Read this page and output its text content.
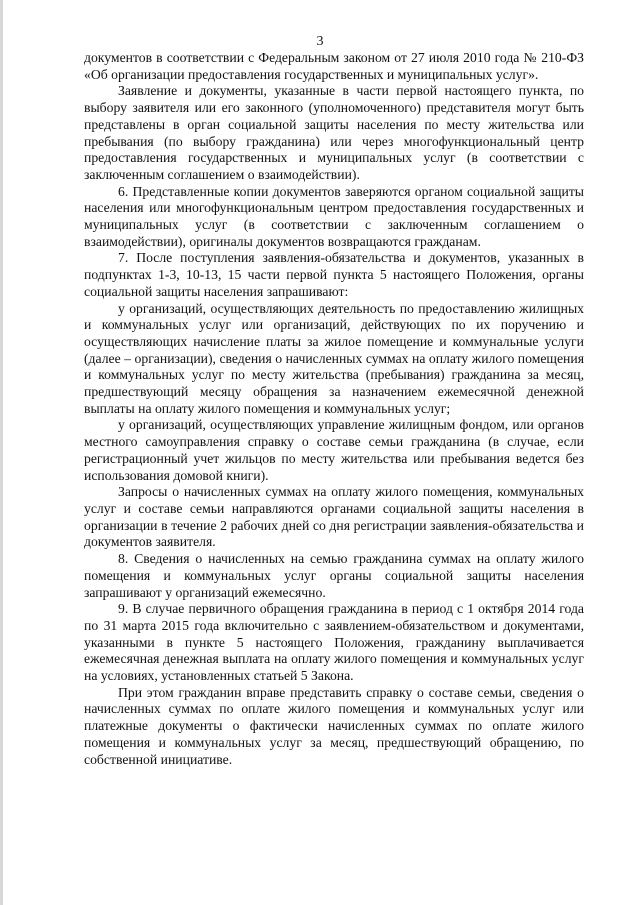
3

документов в соответствии с Федеральным законом от 27 июля 2010 года № 210-ФЗ «Об организации предоставления государственных и муниципальных услуг».

Заявление и документы, указанные в части первой настоящего пункта, по выбору заявителя или его законного (уполномоченного) представителя могут быть представлены в орган социальной защиты населения по месту жительства или пребывания (по выбору гражданина) или через многофункциональный центр предоставления государственных и муниципальных услуг (в соответствии с заключенным соглашением о взаимодействии).

6. Представленные копии документов заверяются органом социальной защиты населения или многофункциональным центром предоставления государственных и муниципальных услуг (в соответствии с заключенным соглашением о взаимодействии), оригиналы документов возвращаются гражданам.

7. После поступления заявления-обязательства и документов, указанных в подпунктах 1-3, 10-13, 15 части первой пункта 5 настоящего Положения, органы социальной защиты населения запрашивают:

у организаций, осуществляющих деятельность по предоставлению жилищных и коммунальных услуг или организаций, действующих по их поручению и осуществляющих начисление платы за жилое помещение и коммунальные услуги (далее – организации), сведения о начисленных суммах на оплату жилого помещения и коммунальных услуг по месту жительства (пребывания) гражданина за месяц, предшествующий месяцу обращения за назначением ежемесячной денежной выплаты на оплату жилого помещения и коммунальных услуг;

у организаций, осуществляющих управление жилищным фондом, или органов местного самоуправления справку о составе семьи гражданина (в случае, если регистрационный учет жильцов по месту жительства или пребывания ведется без использования домовой книги).

Запросы о начисленных суммах на оплату жилого помещения, коммунальных услуг и составе семьи направляются органами социальной защиты населения в организации в течение 2 рабочих дней со дня регистрации заявления-обязательства и документов заявителя.

8. Сведения о начисленных на семью гражданина суммах на оплату жилого помещения и коммунальных услуг органы социальной защиты населения запрашивают у организаций ежемесячно.

9. В случае первичного обращения гражданина в период с 1 октября 2014 года по 31 марта 2015 года включительно с заявлением-обязательством и документами, указанными в пункте 5 настоящего Положения, гражданину выплачивается ежемесячная денежная выплата на оплату жилого помещения и коммунальных услуг на условиях, установленных статьей 5 Закона.

При этом гражданин вправе представить справку о составе семьи, сведения о начисленных суммах по оплате жилого помещения и коммунальных услуг или платежные документы о фактически начисленных суммах по оплате жилого помещения и коммунальных услуг за месяц, предшествующий обращению, по собственной инициативе.
